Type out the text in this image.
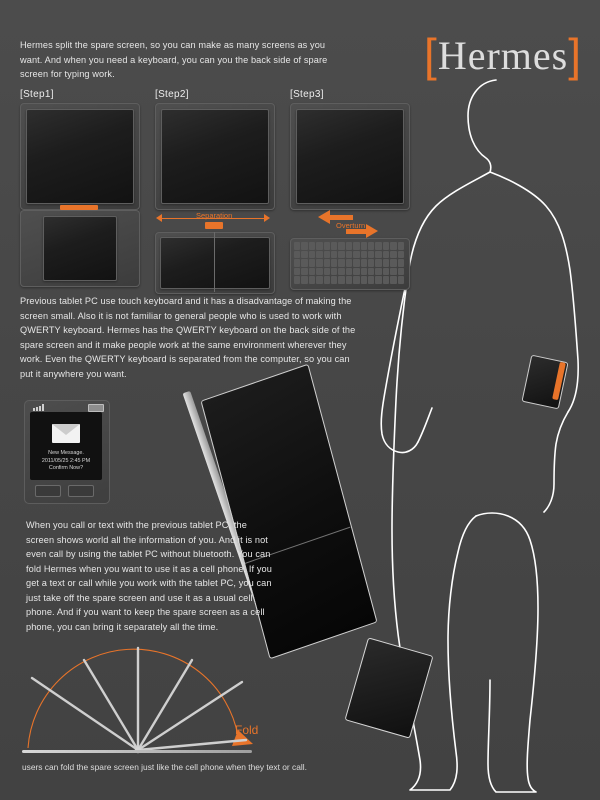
[Hermes]
Hermes split the spare screen, so you can make as many screens as you want. And when you need a keyboard, you can you the back side of spare screen for typing work.
[Step1]	[Step2]	[Step3]
Separation
Overturn
Previous tablet PC use touch keyboard and it has a disadvantage of making the screen small. Also it is not familiar to general people who is used to work with QWERTY keyboard. Hermes has the QWERTY keyboard on the back side of the spare screen and it make people work at the same environment wherever they work. Even the QWERTY keyboard is separated from the computer, so you can put it anywhere you want.
New Message.
2011/05/25 2:45 PM
Confirm Now?
When you call or text with the previous tablet PC, the screen shows world all the information of you. And it is not even call by using the tablet PC without bluetooth. You can fold Hermes when you want to use it as a cell phone. If you get a text or call while you work with the tablet PC, you can just take off the spare screen and use it as a usual cell phone. And if you want to keep the spare screen as a cell phone, you can bring it separately all the time.
Fold
users can fold the spare screen just like the cell phone when they text or call.
